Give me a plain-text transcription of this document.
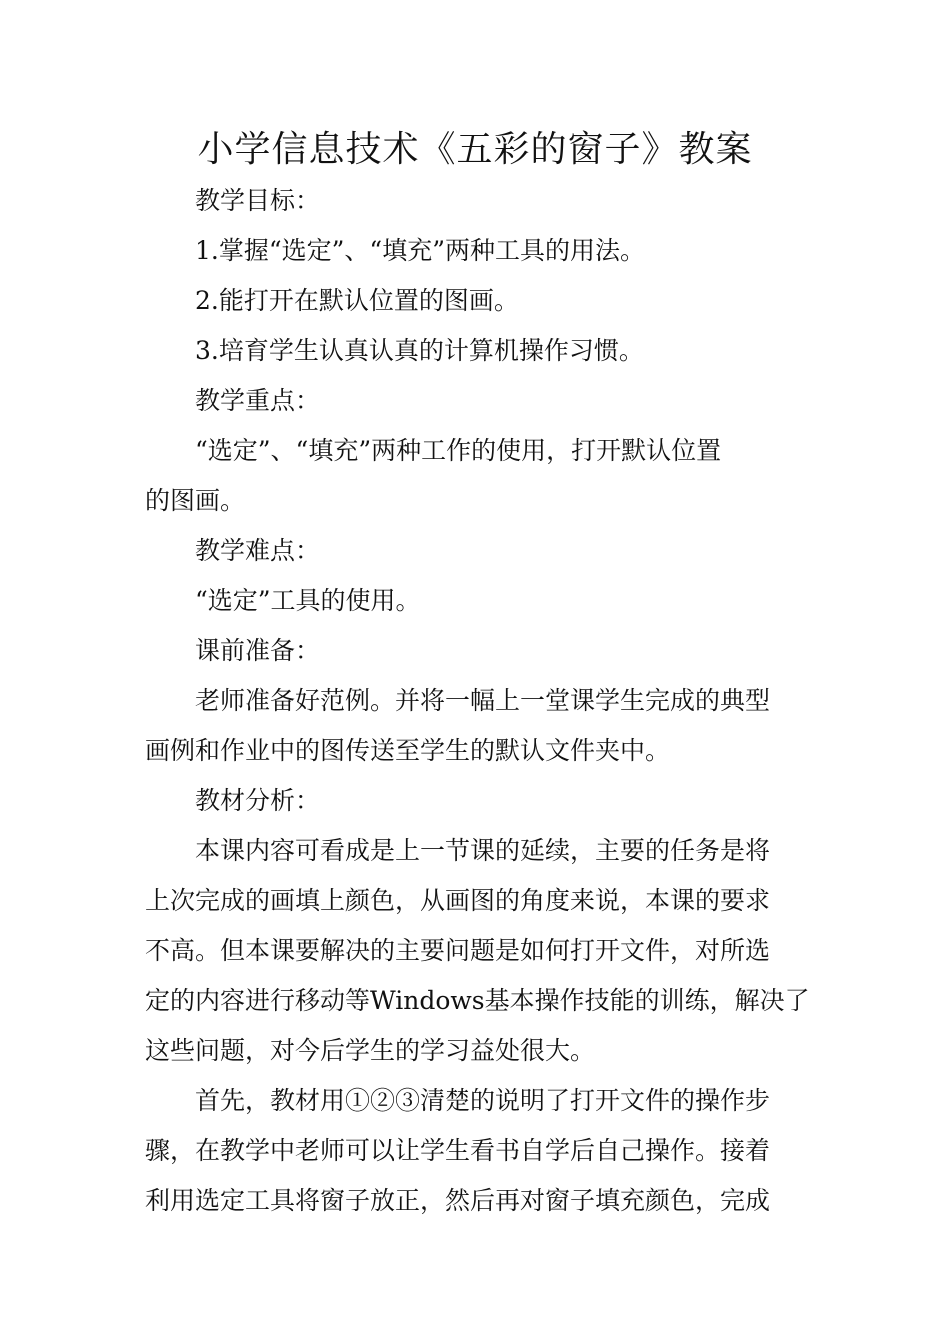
小学信息技术《五彩的窗子》教案

教学目标：

1.掌握“选定”、“填充”两种工具的用法。

2.能打开在默认位置的图画。

3.培育学生认真认真的计算机操作习惯。

教学重点：

“选定”、“填充”两种工作的使用，打开默认位置

的图画。

教学难点：

“选定”工具的使用。

课前准备：

老师准备好范例。并将一幅上一堂课学生完成的典型

画例和作业中的图传送至学生的默认文件夹中。

教材分析：

本课内容可看成是上一节课的延续，主要的任务是将

上次完成的画填上颜色，从画图的角度来说，本课的要求

不高。但本课要解决的主要问题是如何打开文件，对所选

定的内容进行移动等Windows基本操作技能的训练，解决了

这些问题，对今后学生的学习益处很大。

首先，教材用①②③清楚的说明了打开文件的操作步

骤，在教学中老师可以让学生看书自学后自己操作。接着

利用选定工具将窗子放正，然后再对窗子填充颜色，完成
